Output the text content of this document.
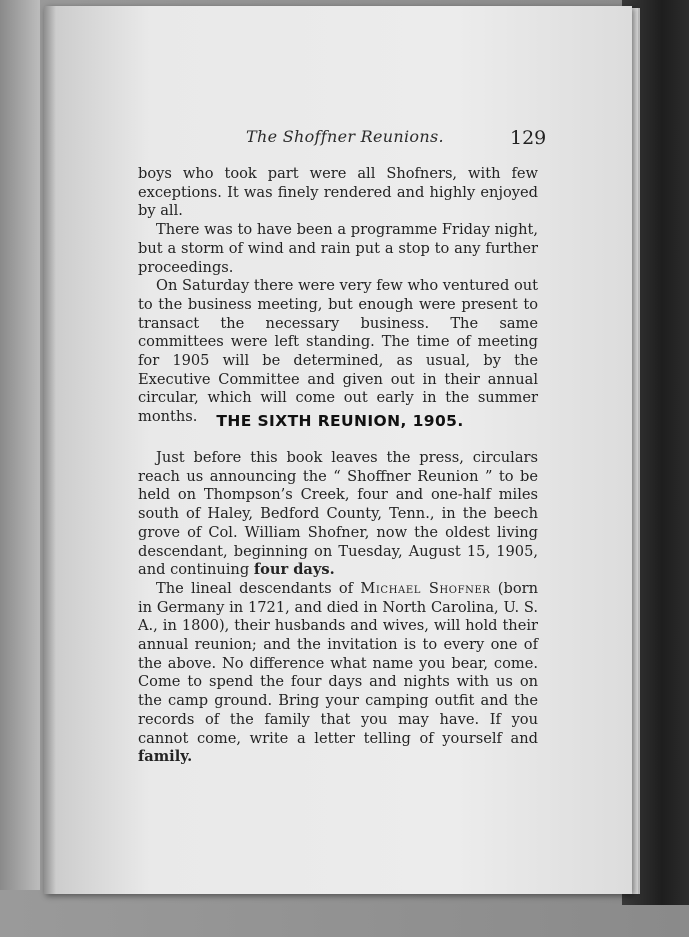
The Shoffner Reunions.	129

boys who took part were all Shofners, with few exceptions. It was finely rendered and highly enjoyed by all.

There was to have been a programme Friday night, but a storm of wind and rain put a stop to any further proceedings.

On Saturday there were very few who ventured out to the business meeting, but enough were present to transact the necessary business. The same committees were left standing. The time of meeting for 1905 will be determined, as usual, by the Executive Committee and given out in their annual circular, which will come out early in the summer months.	THE SIXTH REUNION, 1905.

Just before this book leaves the press, circulars reach us announcing the “ Shoffner Reunion ” to be held on Thompson’s Creek, four and one-half miles south of Haley, Bedford County, Tenn., in the beech grove of Col. William Shofner, now the oldest living descendant, beginning on Tuesday, August 15, 1905, and continuing four days.

The lineal descendants of Michael Shofner (born in Germany in 1721, and died in North Carolina, U. S. A., in 1800), their husbands and wives, will hold their annual reunion; and the invitation is to every one of the above. No difference what name you bear, come. Come to spend the four days and nights with us on the camp ground. Bring your camping outfit and the records of the family that you may have. If you cannot come, write a letter telling of yourself and family.
